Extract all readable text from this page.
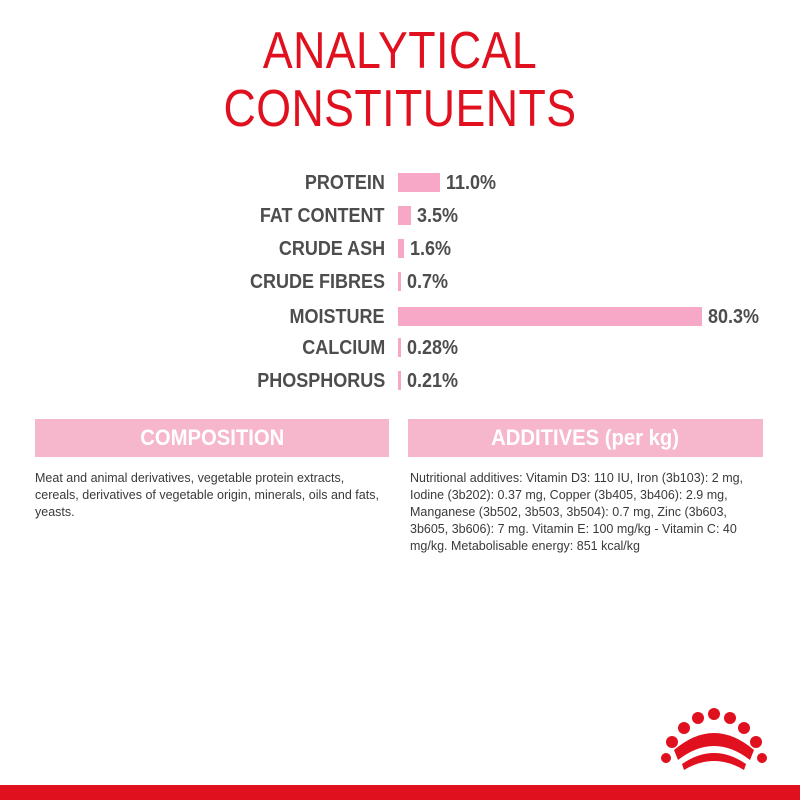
ANALYTICAL
CONSTITUENTS
PROTEIN	11.0%
FAT CONTENT 3.5%
CRUDE ASH 1.6%
CRUDE FIBRES 0.7%
MOISTURE	80.3%
CALCIUM 0.28%
PHOSPHORUS 0.21%
COMPOSITION	ADDITIVES (per kg)
Meat and animal derivatives, vegetable protein extracts, cereals, derivatives of vegetable origin, minerals, oils and fats, yeasts.
Nutritional additives: Vitamin D3: 110 IU, Iron (3b103): 2 mg, Iodine (3b202): 0.37 mg, Copper (3b405, 3b406): 2.9 mg, Manganese (3b502, 3b503, 3b504): 0.7 mg, Zinc (3b603, 3b605, 3b606): 7 mg. Vitamin E: 100 mg/kg - Vitamin C: 40 mg/kg. Metabolisable energy: 851 kcal/kg
